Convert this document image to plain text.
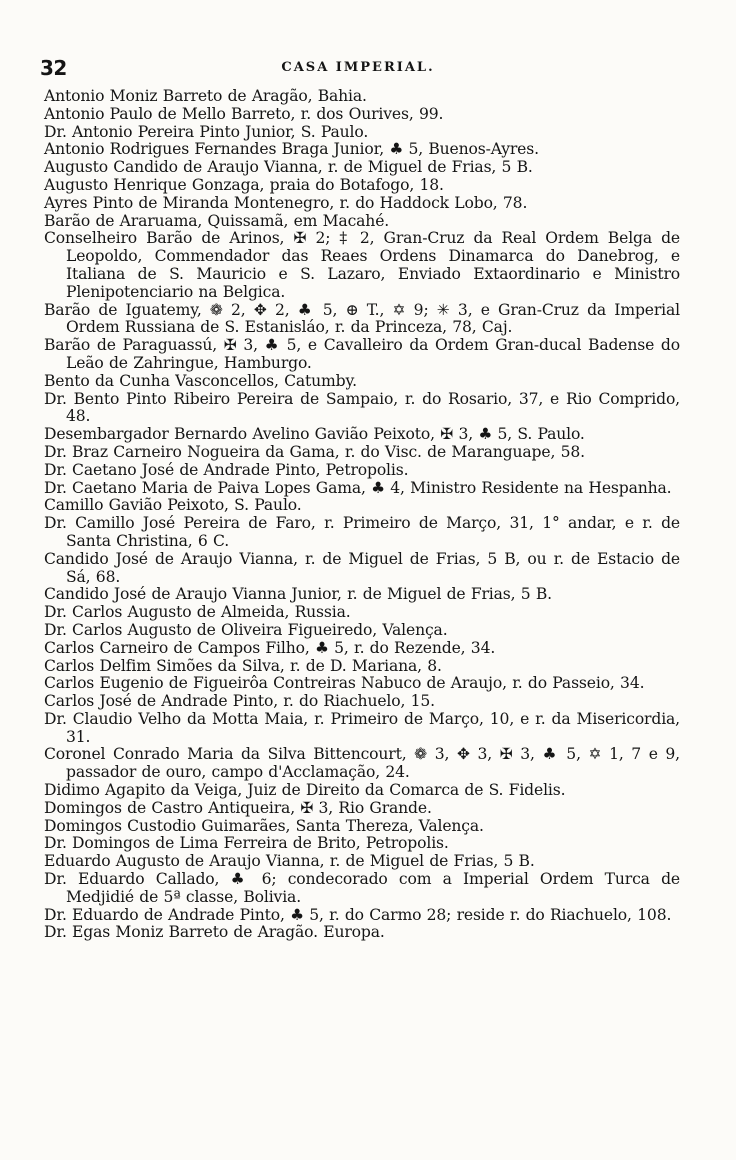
32	CASA IMPERIAL.
Antonio Moniz Barreto de Aragão, Bahia.
Antonio Paulo de Mello Barreto, r. dos Ourives, 99.
Dr. Antonio Pereira Pinto Junior, S. Paulo.
Antonio Rodrigues Fernandes Braga Junior, ♣ 5, Buenos-Ayres.
Augusto Candido de Araujo Vianna, r. de Miguel de Frias, 5 B.
Augusto Henrique Gonzaga, praia do Botafogo, 18.
Ayres Pinto de Miranda Montenegro, r. do Haddock Lobo, 78.
Barão de Araruama, Quissamã, em Macahé.
Conselheiro Barão de Arinos, ✠ 2; ‡ 2, Gran-Cruz da Real Ordem Belga de Leopoldo, Commendador das Reaes Ordens Dinamarca do Danebrog, e Italiana de S. Mauricio e S. Lazaro, Enviado Extaordinario e Ministro Plenipotenciario na Belgica.
Barão de Iguatemy, ❁ 2, ✥ 2, ♣ 5, ⊕ T., ✡ 9; ✳ 3, e Gran-Cruz da Imperial Ordem Russiana de S. Estanisláo, r. da Princeza, 78, Caj.
Barão de Paraguassú, ✠ 3, ♣ 5, e Cavalleiro da Ordem Gran-ducal Badense do Leão de Zahringue, Hamburgo.
Bento da Cunha Vasconcellos, Catumby.
Dr. Bento Pinto Ribeiro Pereira de Sampaio, r. do Rosario, 37, e Rio Comprido, 48.
Desembargador Bernardo Avelino Gavião Peixoto, ✠ 3, ♣ 5, S. Paulo.
Dr. Braz Carneiro Nogueira da Gama, r. do Visc. de Maranguape, 58.
Dr. Caetano José de Andrade Pinto, Petropolis.
Dr. Caetano Maria de Paiva Lopes Gama, ♣ 4, Ministro Residente na Hespanha.
Camillo Gavião Peixoto, S. Paulo.
Dr. Camillo José Pereira de Faro, r. Primeiro de Março, 31, 1° andar, e r. de Santa Christina, 6 C.
Candido José de Araujo Vianna, r. de Miguel de Frias, 5 B, ou r. de Estacio de Sá, 68.
Candido José de Araujo Vianna Junior, r. de Miguel de Frias, 5 B.
Dr. Carlos Augusto de Almeida, Russia.
Dr. Carlos Augusto de Oliveira Figueiredo, Valença.
Carlos Carneiro de Campos Filho, ♣ 5, r. do Rezende, 34.
Carlos Delfim Simões da Silva, r. de D. Mariana, 8.
Carlos Eugenio de Figueirôa Contreiras Nabuco de Araujo, r. do Passeio, 34.
Carlos José de Andrade Pinto, r. do Riachuelo, 15.
Dr. Claudio Velho da Motta Maia, r. Primeiro de Março, 10, e r. da Misericordia, 31.
Coronel Conrado Maria da Silva Bittencourt, ❁ 3, ✥ 3, ✠ 3, ♣ 5, ✡ 1, 7 e 9, passador de ouro, campo d'Acclamação, 24.
Didimo Agapito da Veiga, Juiz de Direito da Comarca de S. Fidelis.
Domingos de Castro Antiqueira, ✠ 3, Rio Grande.
Domingos Custodio Guimarães, Santa Thereza, Valença.
Dr. Domingos de Lima Ferreira de Brito, Petropolis.
Eduardo Augusto de Araujo Vianna, r. de Miguel de Frias, 5 B.
Dr. Eduardo Callado, ♣ 6; condecorado com a Imperial Ordem Turca de Medjidié de 5ª classe, Bolivia.
Dr. Eduardo de Andrade Pinto, ♣ 5, r. do Carmo 28; reside r. do Riachuelo, 108.
Dr. Egas Moniz Barreto de Aragão. Europa.
